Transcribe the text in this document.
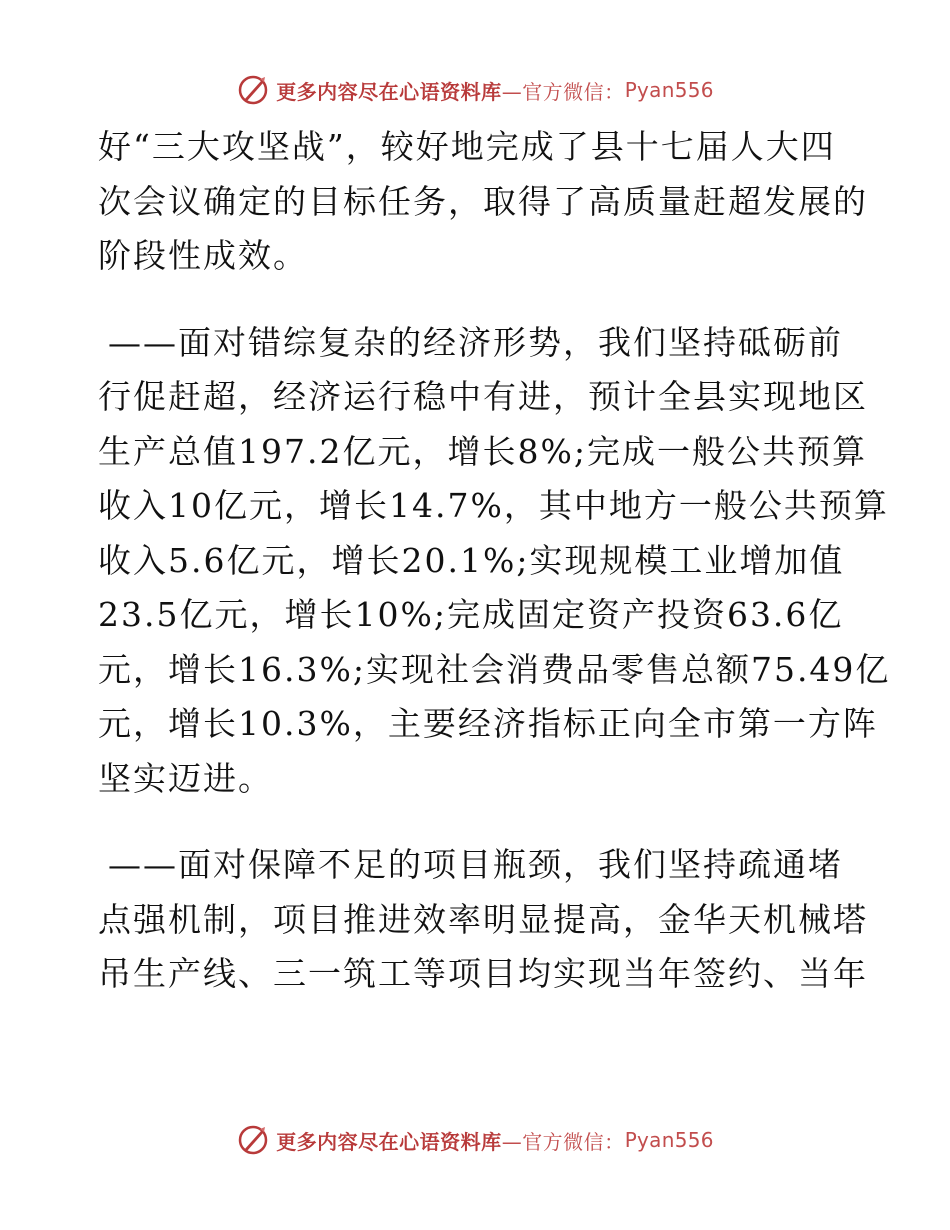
更多内容尽在心语资料库 —官方微信： Pyan556

好“三大攻坚战”，较好地完成了县十七届人大四
次会议确定的目标任务，取得了高质量赶超发展的
阶段性成效。

——面对错综复杂的经济形势，我们坚持砥砺前
行促赶超，经济运行稳中有进，预计全县实现地区
生产总值197.2亿元，增长8%;完成一般公共预算
收入10亿元，增长14.7%，其中地方一般公共预算
收入5.6亿元，增长20.1%;实现规模工业增加值
23.5亿元，增长10%;完成固定资产投资63.6亿
元，增长16.3%;实现社会消费品零售总额75.49亿
元，增长10.3%，主要经济指标正向全市第一方阵
坚实迈进。

——面对保障不足的项目瓶颈，我们坚持疏通堵
点强机制，项目推进效率明显提高，金华天机械塔
吊生产线、三一筑工等项目均实现当年签约、当年

更多内容尽在心语资料库 —官方微信： Pyan556
